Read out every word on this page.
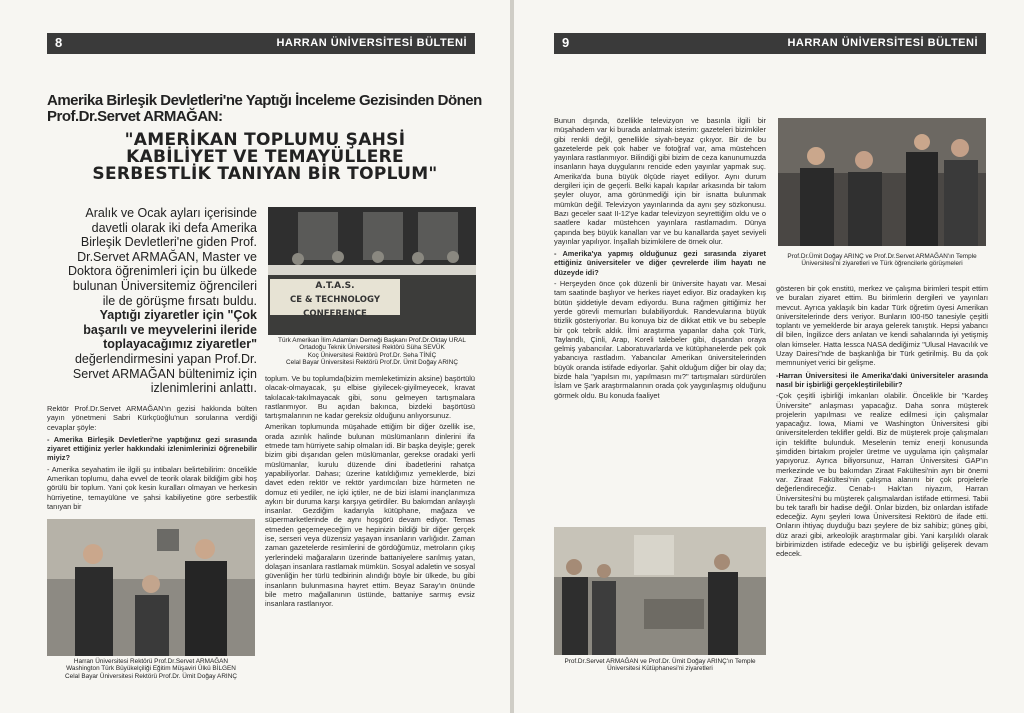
8	HARRAN ÜNİVERSİTESİ BÜLTENİ
Amerika Birleşik Devletleri'ne Yaptığı İnceleme Gezisinden Dönen
Prof.Dr.Servet ARMAĞAN:
"AMERİKAN TOPLUMU ŞAHSİ
KABİLİYET VE TEMAYÜLLERE
SERBESTLİK TANIYAN BİR TOPLUM"
Aralık ve Ocak ayları içerisinde
davetli olarak iki defa Amerika
Birleşik Devletleri'ne giden Prof.
Dr.Servet ARMAĞAN, Master ve
Doktora öğrenimleri için bu ülkede
bulunan Üniversitemiz öğrencileri
ile de görüşme fırsatı buldu.
Yaptığı ziyaretler için "Çok
başarılı ve meyvelerini ileride
toplayacağımız ziyaretler"
değerlendirmesini yapan Prof.Dr.
Servet ARMAĞAN bültenimiz için
izlenimlerini anlattı.

Rektör Prof.Dr.Servet ARMAĞAN'ın gezisi hakkında bülten yayın yönetmeni Sabri Kürkçüoğlu'nun sorularına verdiği cevaplar şöyle:

- Amerika Birleşik Devletleri'ne yaptığınız gezi sırasında ziyaret ettiğiniz yerler hakkındaki izlenimlerinizi öğrenebilir miyiz?

- Amerika seyahatim ile ilgili şu intibaları belirtebilirim: öncelikle Amerikan toplumu, daha evvel de teorik olarak bildiğim gibi hoş görülü bir toplum. Yani çok kesin kuralları olmayan ve herkesin hürriyetine, temayülüne ve şahsi kabiliyetine göre serbestlik tanıyan bir

A.T.A.S.
CE & TECHNOLOGY CONFERENCE
Türk Amerikan İlim Adamları Derneği Başkanı Prof.Dr.Oktay URAL
Ortadoğu Teknik Üniversitesi Rektörü Süha SEVÜK
Koç Üniversitesi Rektörü Prof.Dr. Seha TİNİÇ
Celal Bayar Üniversitesi Rektörü Prof.Dr. Ümit Doğay ARINÇ

toplum. Ve bu toplumda(bizim memleketimizin aksine) başörtülü olacak-olmayacak, şu elbise giyilecek-giyilmeyecek, kravat takılacak-takılmayacak gibi, sonu gelmeyen tartışmalara rastlanmıyor. Bu açıdan bakınca, bizdeki başörtüsü tartışmalarının ne kadar gereksiz olduğunu anlıyorsunuz.

Amerikan toplumunda müşahade ettiğim bir diğer özellik ise, orada azınlık halinde bulunan müslümanların dinlerini ifa etmede tam hürriyete sahip olmaları idi. Bir başka deyişle; gerek bizim gibi dışarıdan gelen müslümanlar, gerekse oradaki yerli müslümanlar, kurulu düzende dini ibadetlerini rahatça yapabiliyorlar. Dahası; üzerine katıldığımız yemeklerde, bizi davet eden rektör ve rektör yardımcıları bize hürmeten ne domuz eti yediler, ne içki içtiler, ne de bizi islami inançlarımıza aykırı bir duruma karşı karşıya getirdiler. Bu bakımdan anlayışlı insanlar. Gezdiğim kadarıyla kütüphane, mağaza ve süpermarketlerinde de aynı hoşgörü devam ediyor. Temas etmeden geçemeyeceğim ve hepinizin bildiği bir diğer gerçek ise, serseri veya düzensiz yaşayan insanların varlığıdır. Zaman zaman gazetelerde resimlerini de gördüğümüz, metroların çıkış yerlerindeki mağaraların üzerinde battaniyelere sarılmış yatan, dolaşan insanlara rastlamak mümkün. Sosyal adaletin ve sosyal güvenliğin her türlü tedbirinin alındığı böyle bir ülkede, bu gibi insanların bulunmasına hayret ettim. Beyaz Saray'ın önünde bile metro mağallanının üstünde, battaniye sarmış evsiz insanlara rastlanıyor.

Harran Üniversitesi Rektörü Prof.Dr.Servet ARMAĞAN
Washington Türk Büyükelçiliği Eğitim Müşaviri Ülkü BİLGEN
Celal Bayar Üniversitesi Rektörü Prof.Dr. Ümit Doğay ARINÇ
9	HARRAN ÜNİVERSİTESİ BÜLTENİ

Bunun dışında, özellikle televizyon ve basınla ilgili bir müşahadem var ki burada anlatmak isterim: gazeteleri bizimkiler gibi renkli değil, genellikle siyah-beyaz çıkıyor. Bir de bu gazetelerde pek çok haber ve fotoğraf var, ama müstehcen yayınlara rastlanmıyor. Bilindiği gibi bizim de ceza kanunumuzda insanların haya duygularını rencide eden yayınlar yapmak suç. Amerika'da buna büyük ölçüde riayet ediliyor. Aynı durum dergileri için de geçerli. Belki kapalı kapılar arkasında bir takım şeyler oluyor, ama görünmediği için bir isnatta bulunmak mümkün değil. Televizyon yayınlarında da aynı şey sözkonusu. Bazı geceler saat II-12'ye kadar televizyon seyrettiğim oldu ve o saatlere kadar müstehcen yayınlara rastlamadım. Dünya çapında beş büyük kanalları var ve bu kanallarda şayet seviyeli yayınlar yapılıyor. İnşallah bizimkilere de örnek olur.

- Amerika'ya yapmış olduğunuz gezi sırasında ziyaret ettiğiniz üniversiteler ve diğer çevrelerde ilim hayatı ne düzeyde idi?

- Herşeyden önce çok düzenli bir üniversite hayatı var. Mesai tam saatinde başlıyor ve herkes riayet ediyor. Biz oradayken kış bütün şiddetiyle devam ediyordu. Buna rağmen gittiğimiz her yerde görevli memurları bulabiliyorduk. Randevularına büyük titizlik gösteriyorlar. Bu konuya biz de dikkat ettik ve bu sebeple bir çok tebrik aldık. İlmi araştırma yapanlar daha çok Türk, Taylandlı, Çinli, Arap, Koreli talebeler gibi, dışarıdan oraya gelmiş yabancılar. Laboratuvarlarda ve kütüphanelerde pek çok yabancıya rastladım. Yabancılar Amerikan üniversitelerinden büyük oranda istifade ediyorlar. Şahit olduğum diğer bir olay da; bizde hala "yapılsın mı, yapılmasın mı?" tartışmaları sürdürülen İslam ve Şark araştırmalarının orada çok yaygınlaşmış olduğunu görmek oldu. Bu konuda faaliyet

Prof.Dr.Servet ARMAĞAN ve Prof.Dr. Ümit Doğay ARINÇ'ın Temple
Üniversitesi Kütüphanesi'ni ziyaretleri
Prof.Dr.Ümit Doğay ARINÇ ve Prof.Dr.Servet ARMAĞAN'ın Temple
Üniversitesi'ni ziyaretleri ve Türk öğrencilerle görüşmeleri

gösteren bir çok enstitü, merkez ve çalışma birimleri tespit ettim ve buraları ziyaret ettim. Bu birimlerin dergileri ve yayınları mevcut. Ayrıca yaklaşık bin kadar Türk öğretim üyesi Amerikan üniversitelerinde ders veriyor. Bunların I00-I50 tanesiyle çeşitli toplantı ve yemeklerde bir araya gelerek tanıştık. Hepsi yabancı dil bilen, İngilizce ders anlatan ve kendi sahalarında iyi yetişmiş olan kimseler. Hatta Iessca NASA dediğimiz "Ulusal Havacılık ve Uzay Dairesi"nde de başkanlığa bir Türk getirilmiş. Bu da çok memnuniyet verici bir gelişme.

-Harran Üniversitesi ile Amerika'daki üniversiteler arasında nasıl bir işbirliği gerçekleştirilebilir?

-Çok çeşitli işbirliği imkanları olabilir. Öncelikle bir "Kardeş Üniversite" anlaşması yapacağız. Daha sonra müşterek projelerin yapılması ve realize edilmesi için çalışmalar yapacağız. Iowa, Miami ve Washington Üniversitesi gibi üniversitelerden teklifler geldi. Biz de müşterek proje çalışmaları için tekliflte bulunduk. Meselenin temiz enerji konusunda şimdiden birtakım projeler üretme ve uygulama için çalışmalar yapıyoruz. Ayrıca biliyorsunuz, Harran Üniversitesi GAP'ın merkezinde ve bu bakımdan Ziraat Fakültesi'nin ayrı bir önemi var. Ziraat Fakültesi'nin çalışma alanını bir çok projelerle değerlendireceğiz. Cenab-ı Hak'tan niyazım, Harran Üniversitesi'ni bu müşterek çalışmalardan istifade ettirmesi. Tabii bu tek taraflı bir hadise değil. Onlar bizden, biz onlardan istifade edeceğiz. Aynı şeyleri Iowa Üniversitesi Rektörü de ifade etti. Onların ihtiyaç duyduğu bazı şeylere de biz sahibiz; güneş gibi, düz arazi gibi, arkeolojik araştırmalar gibi. Yani karşılıklı olarak birbirimizden istifade edeceğiz ve bu işbirliği gelişerek devam edecek.
